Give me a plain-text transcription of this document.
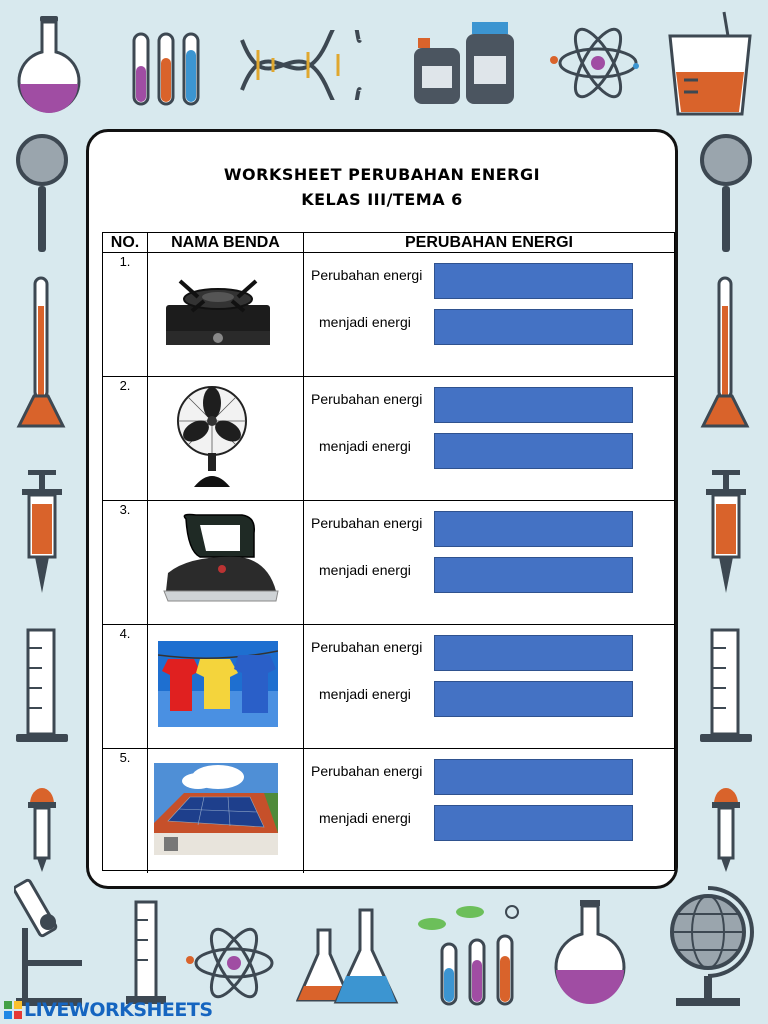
WORKSHEET PERUBAHAN ENERGI
KELAS III/TEMA 6
NO.	NAMA BENDA	PERUBAHAN ENERGI
1.
Perubahan energi
menjadi energi
2.
Perubahan energi
menjadi energi
3.
Perubahan energi
menjadi energi
4.
Perubahan energi
menjadi energi
5.
Perubahan energi
menjadi energi
LIVEWORKSHEETS
